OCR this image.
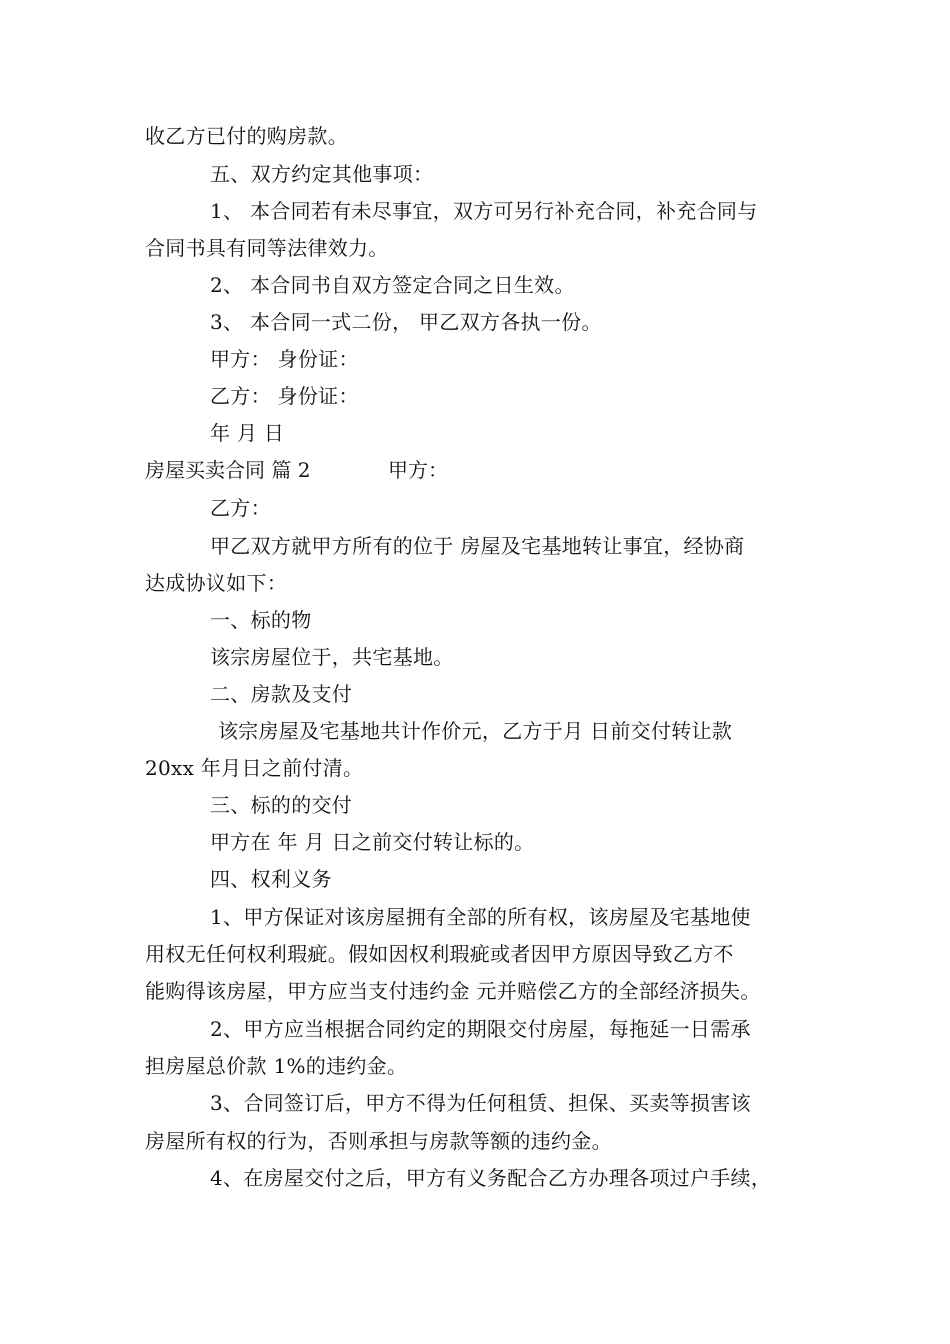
收乙方已付的购房款。
五、双方约定其他事项：
1、 本合同若有未尽事宜，双方可另行补充合同，补充合同与
合同书具有同等法律效力。
2、 本合同书自双方签定合同之日生效。
3、 本合同一式二份， 甲乙双方各执一份。
甲方： 身份证：
乙方： 身份证：
年 月 日
房屋买卖合同 篇 2	甲方：
乙方：
甲乙双方就甲方所有的位于 房屋及宅基地转让事宜，经协商
达成协议如下：
一、标的物
该宗房屋位于，共宅基地。
二、房款及支付
该宗房屋及宅基地共计作价元，乙方于月 日前交付转让款
20xx 年月日之前付清。
三、标的的交付
甲方在 年 月 日之前交付转让标的。
四、权利义务
1、甲方保证对该房屋拥有全部的所有权，该房屋及宅基地使
用权无任何权利瑕疵。假如因权利瑕疵或者因甲方原因导致乙方不
能购得该房屋，甲方应当支付违约金 元并赔偿乙方的全部经济损失。
2、甲方应当根据合同约定的期限交付房屋，每拖延一日需承
担房屋总价款 1%的违约金。
3、合同签订后，甲方不得为任何租赁、担保、买卖等损害该
房屋所有权的行为，否则承担与房款等额的违约金。
4、在房屋交付之后，甲方有义务配合乙方办理各项过户手续，
